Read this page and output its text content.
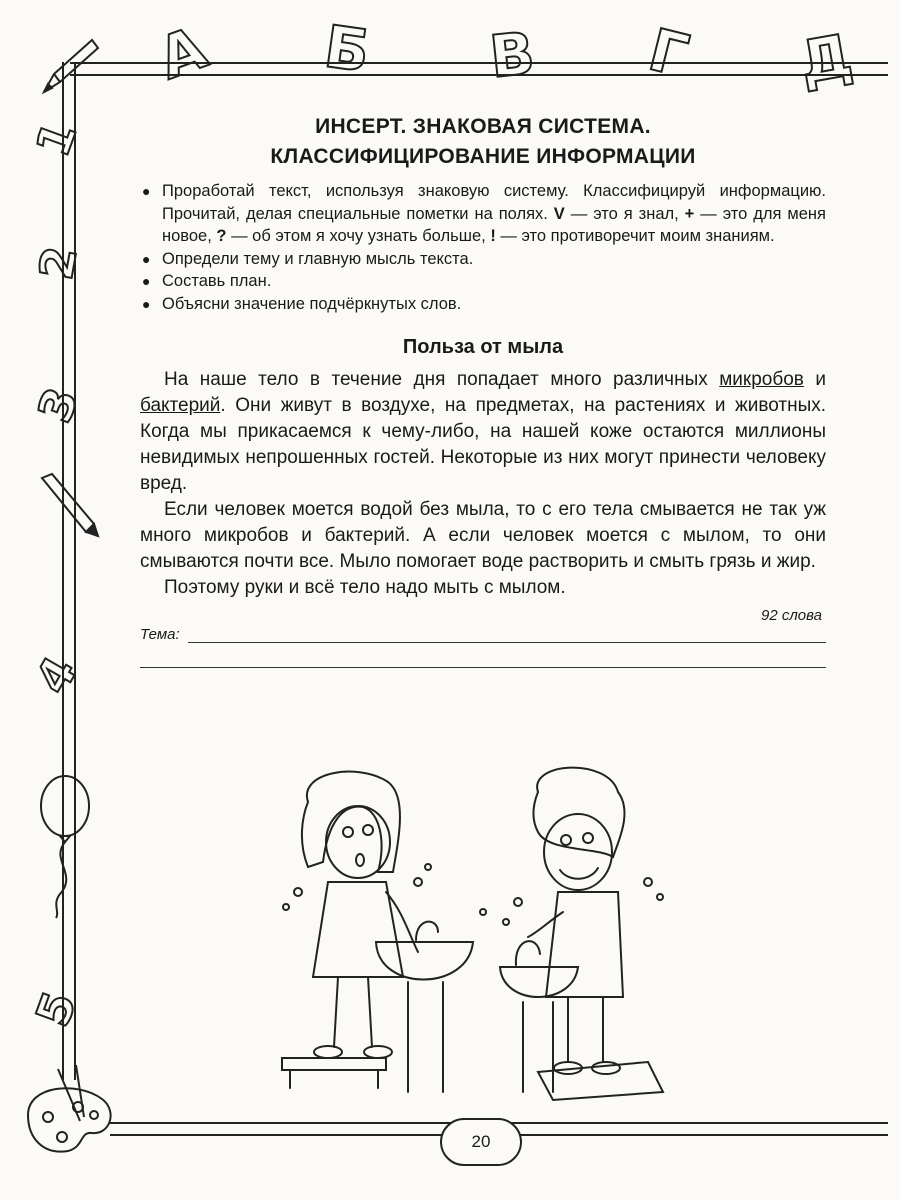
А Б В Г Д
1
2
3
4
5
ИНСЕРТ. ЗНАКОВАЯ СИСТЕМА.
КЛАССИФИЦИРОВАНИЕ ИНФОРМАЦИИ
● Проработай текст, используя знаковую систему. Классифицируй информацию. Прочитай, делая специальные пометки на полях. V — это я знал, + — это для меня новое, ? — об этом я хочу узнать больше, ! — это противоречит моим знаниям.
● Определи тему и главную мысль текста.
● Составь план.
● Объясни значение подчёркнутых слов.
Польза от мыла

На наше тело в течение дня попадает много различных микробов и бактерий. Они живут в воздухе, на предметах, на растениях и животных. Когда мы прикасаемся к чему-либо, на нашей коже остаются миллионы невидимых непрошенных гостей. Некоторые из них могут принести человеку вред.

Если человек моется водой без мыла, то с его тела смывается не так уж много микробов и бактерий. А если человек моется с мылом, то они смываются почти все. Мыло помогает воде растворить и смыть грязь и жир.

Поэтому руки и всё тело надо мыть с мылом.

92 слова
Тема:
20
